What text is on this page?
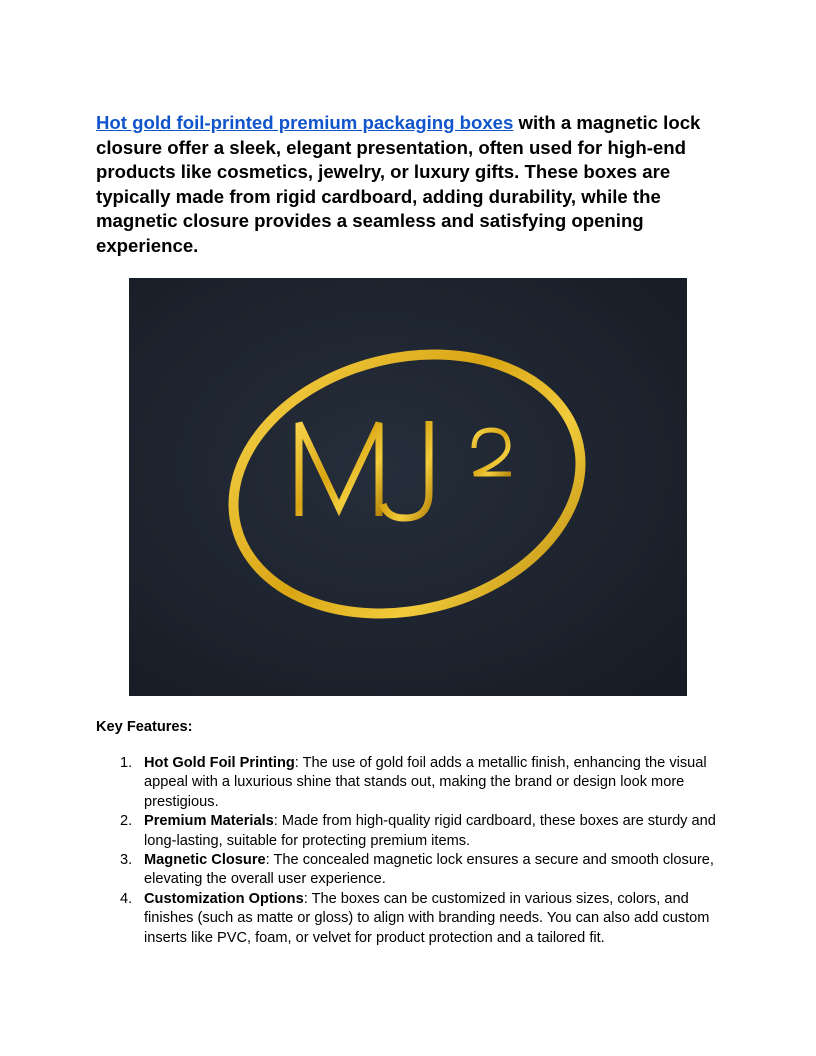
Hot gold foil-printed premium packaging boxes with a magnetic lock closure offer a sleek, elegant presentation, often used for high-end products like cosmetics, jewelry, or luxury gifts. These boxes are typically made from rigid cardboard, adding durability, while the magnetic closure provides a seamless and satisfying opening experience.

Key Features:

1. Hot Gold Foil Printing: The use of gold foil adds a metallic finish, enhancing the visual appeal with a luxurious shine that stands out, making the brand or design look more prestigious.
2. Premium Materials: Made from high-quality rigid cardboard, these boxes are sturdy and long-lasting, suitable for protecting premium items.
3. Magnetic Closure: The concealed magnetic lock ensures a secure and smooth closure, elevating the overall user experience.
4. Customization Options: The boxes can be customized in various sizes, colors, and finishes (such as matte or gloss) to align with branding needs. You can also add custom inserts like PVC, foam, or velvet for product protection and a tailored fit.
